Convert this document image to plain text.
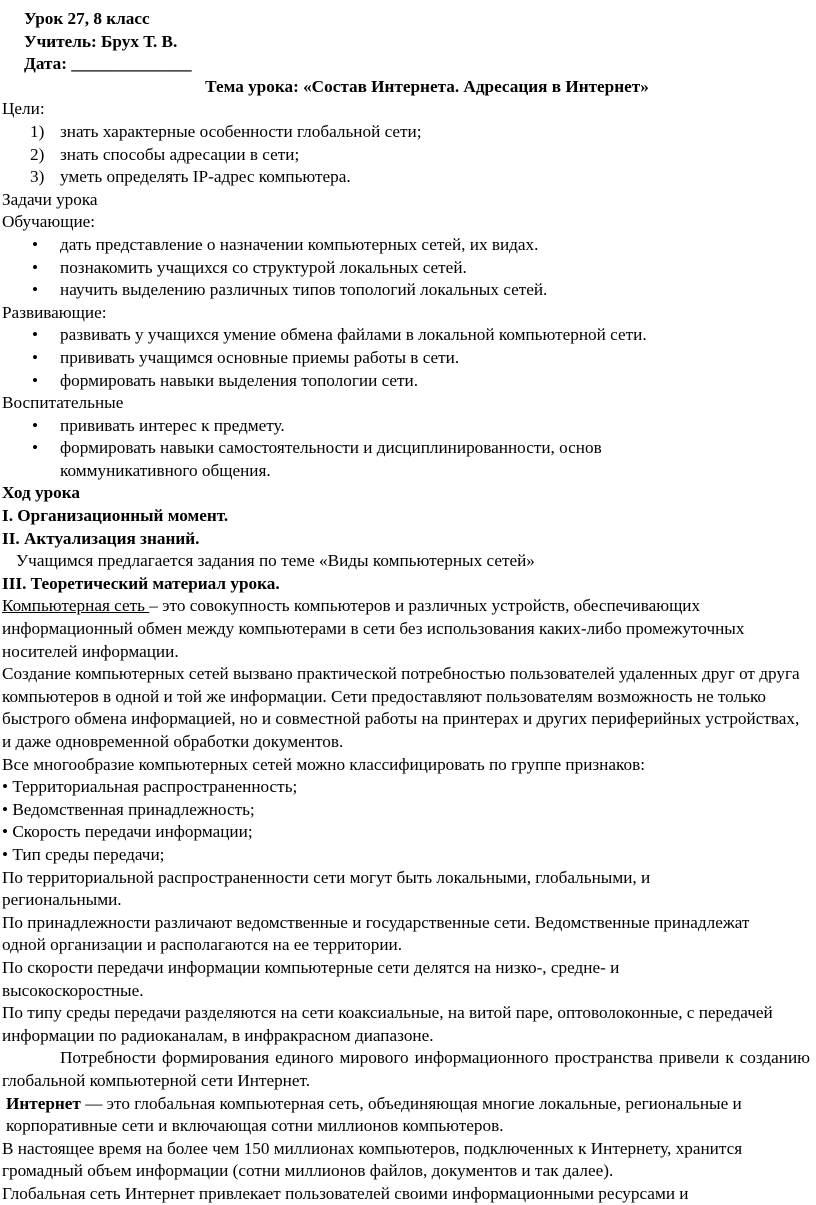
Урок 27, 8 класс
Учитель: Брух Т. В.
Дата: ______________
Тема урока: «Состав Интернета. Адресация в Интернет»
Цели:
1) знать характерные особенности глобальной сети;
2) знать способы адресации в сети;
3) уметь определять IP-адрес компьютера.
Задачи урока
Обучающие:
•	дать представление о назначении компьютерных сетей, их видах.
•	познакомить учащихся со структурой локальных сетей.
•	научить выделению различных типов топологий локальных сетей.
Развивающие:
•	развивать у учащихся умение обмена файлами в локальной компьютерной сети.
•	прививать учащимся основные приемы работы в сети.
•	формировать навыки выделения топологии сети.
Воспитательные
•	прививать интерес к предмету.
•	формировать навыки самостоятельности и дисциплинированности, основ коммуникативного общения.
Ход урока
I. Организационный момент.
II. Актуализация знаний.
Учащимся предлагается задания по теме «Виды компьютерных сетей»
III. Теоретический материал урока.
Компьютерная сеть – это совокупность компьютеров и различных устройств, обеспечивающих информационный обмен между компьютерами в сети без использования каких-либо промежуточных носителей информации.
Создание компьютерных сетей вызвано практической потребностью пользователей удаленных друг от друга компьютеров в одной и той же информации. Сети предоставляют пользователям возможность не только быстрого обмена информацией, но и совместной работы на принтерах и других периферийных устройствах, и даже одновременной обработки документов.
Все многообразие компьютерных сетей можно классифицировать по группе признаков:
• Территориальная распространенность;
• Ведомственная принадлежность;
• Скорость передачи информации;
• Тип среды передачи;
По территориальной распространенности сети могут быть локальными, глобальными, и региональными.
По принадлежности различают ведомственные и государственные сети. Ведомственные принадлежат одной организации и располагаются на ее территории.
По скорости передачи информации компьютерные сети делятся на низко-, средне- и высокоскоростные.
По типу среды передачи разделяются на сети коаксиальные, на витой паре, оптоволоконные, с передачей информации по радиоканалам, в инфракрасном диапазоне.
Потребности формирования единого мирового информационного пространства привели к созданию глобальной компьютерной сети Интернет.
Интернет — это глобальная компьютерная сеть, объединяющая многие локальные, региональные и корпоративные сети и включающая сотни миллионов компьютеров.
В настоящее время на более чем 150 миллионах компьютеров, подключенных к Интернету, хранится громадный объем информации (сотни миллионов файлов, документов и так далее).
Глобальная сеть Интернет привлекает пользователей своими информационными ресурсами и
